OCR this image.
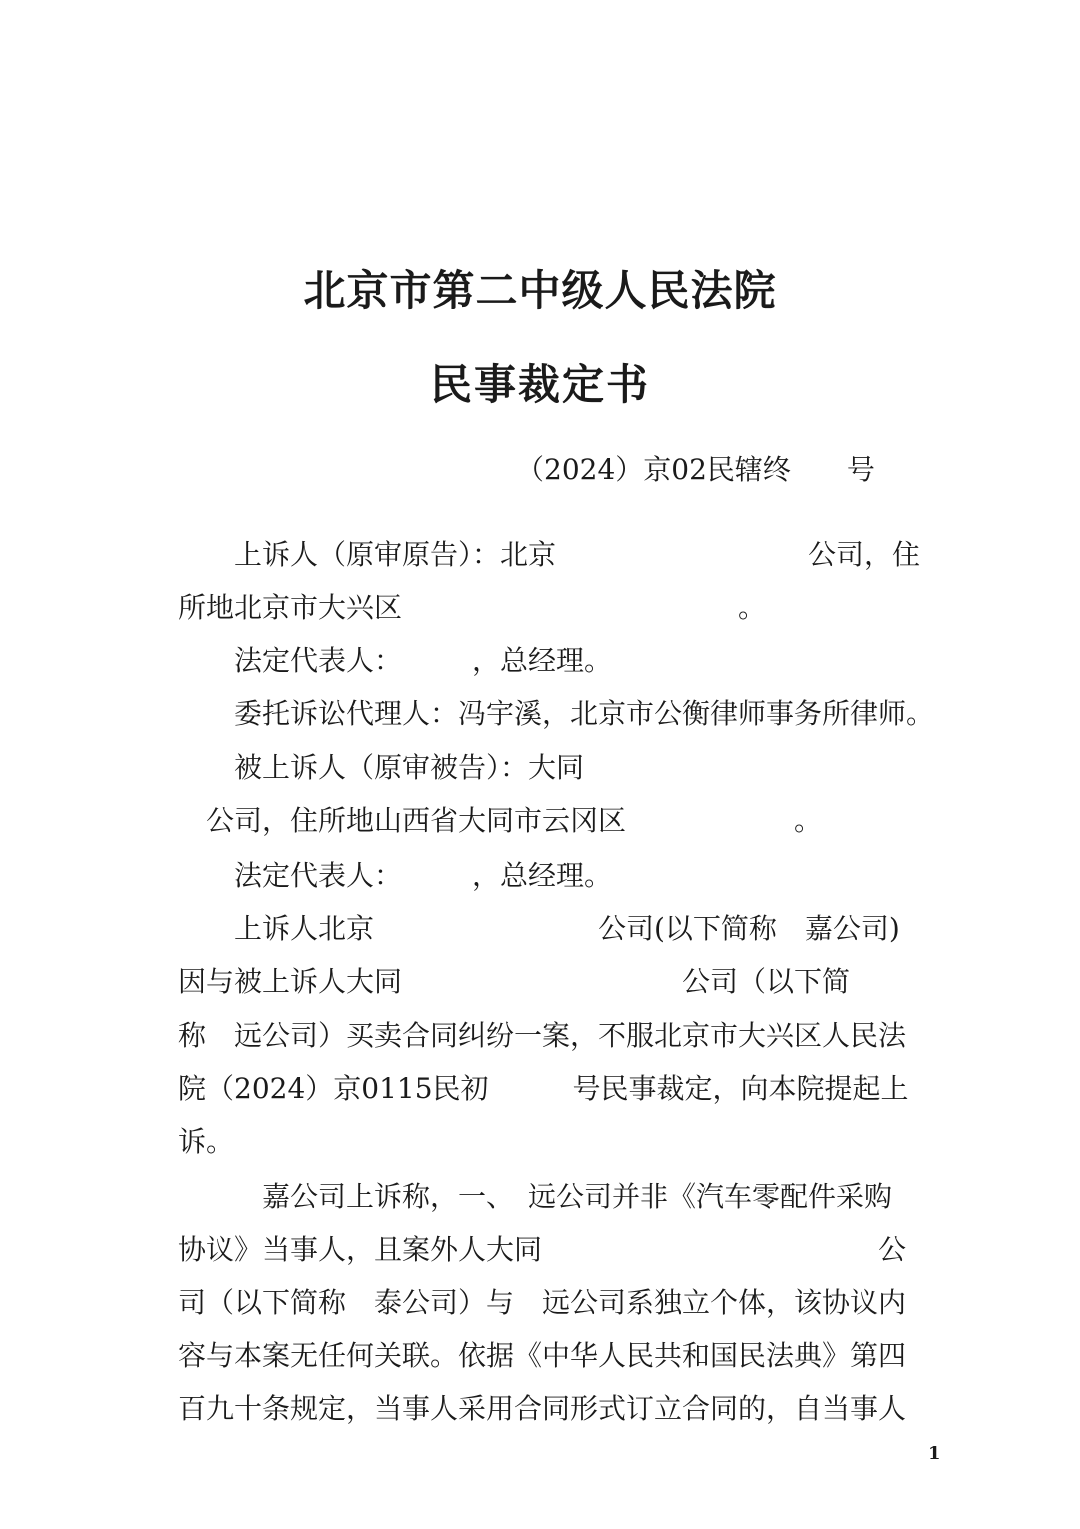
北京市第二中级人民法院
民事裁定书
（2024）京02民辖终　　号
上诉人（原审原告）：北京　　　　　　　　　公司，住
所地北京市大兴区　　　　　　　　　　　　。
法定代表人：　　　，总经理。
委托诉讼代理人：冯宇溪，北京市公衡律师事务所律师。
被上诉人（原审被告）：大同
公司，住所地山西省大同市云冈区　　　　　　。
法定代表人：　　　，总经理。
上诉人北京　　　　　　　　公司(以下简称　嘉公司)
因与被上诉人大同　　　　　　　　　　公司（以下简
称　远公司）买卖合同纠纷一案，不服北京市大兴区人民法
院（2024）京0115民初　　　号民事裁定，向本院提起上
诉。
嘉公司上诉称，一、　远公司并非《汽车零配件采购
协议》当事人，且案外人大同　　　　　　　　　　　　公
司（以下简称　泰公司）与　远公司系独立个体，该协议内
容与本案无任何关联。依据《中华人民共和国民法典》第四
百九十条规定，当事人采用合同形式订立合同的，自当事人
1
